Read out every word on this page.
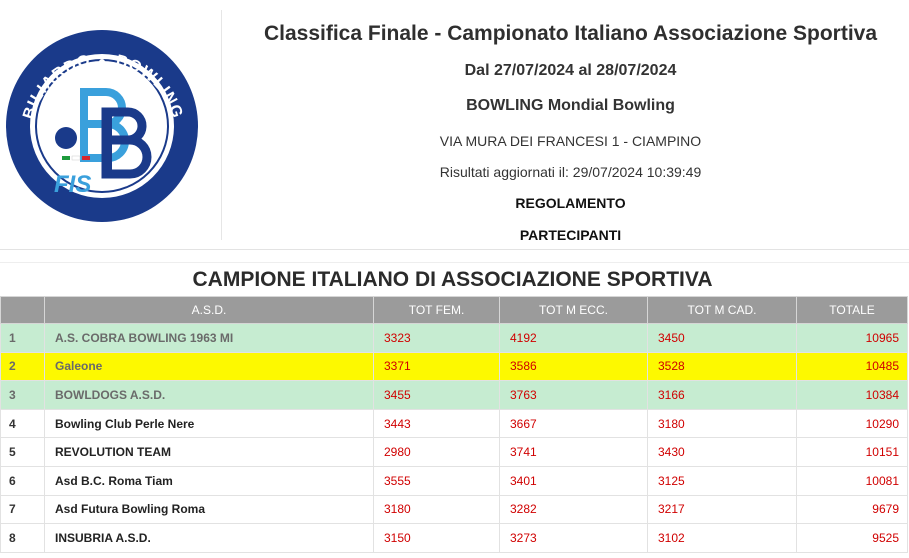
BILIARDO BOWLING
FIS
Classifica Finale - Campionato Italiano Associazione Sportiva
Dal 27/07/2024 al 28/07/2024
BOWLING Mondial Bowling
VIA MURA DEI FRANCESI 1 - CIAMPINO
Risultati aggiornati il: 29/07/2024 10:39:49
REGOLAMENTO
PARTECIPANTI
CAMPIONE ITALIANO DI ASSOCIAZIONE SPORTIVA
	A.S.D.	TOT FEM.	TOT M ECC.	TOT M CAD.	TOTALE
1	A.S. COBRA BOWLING 1963 MI	3323	4192	3450	10965
2	Galeone	3371	3586	3528	10485
3	BOWLDOGS A.S.D.	3455	3763	3166	10384
4	Bowling Club Perle Nere	3443	3667	3180	10290
5	REVOLUTION TEAM	2980	3741	3430	10151
6	Asd B.C. Roma Tiam	3555	3401	3125	10081
7	Asd Futura Bowling Roma	3180	3282	3217	9679
8	INSUBRIA A.S.D.	3150	3273	3102	9525
